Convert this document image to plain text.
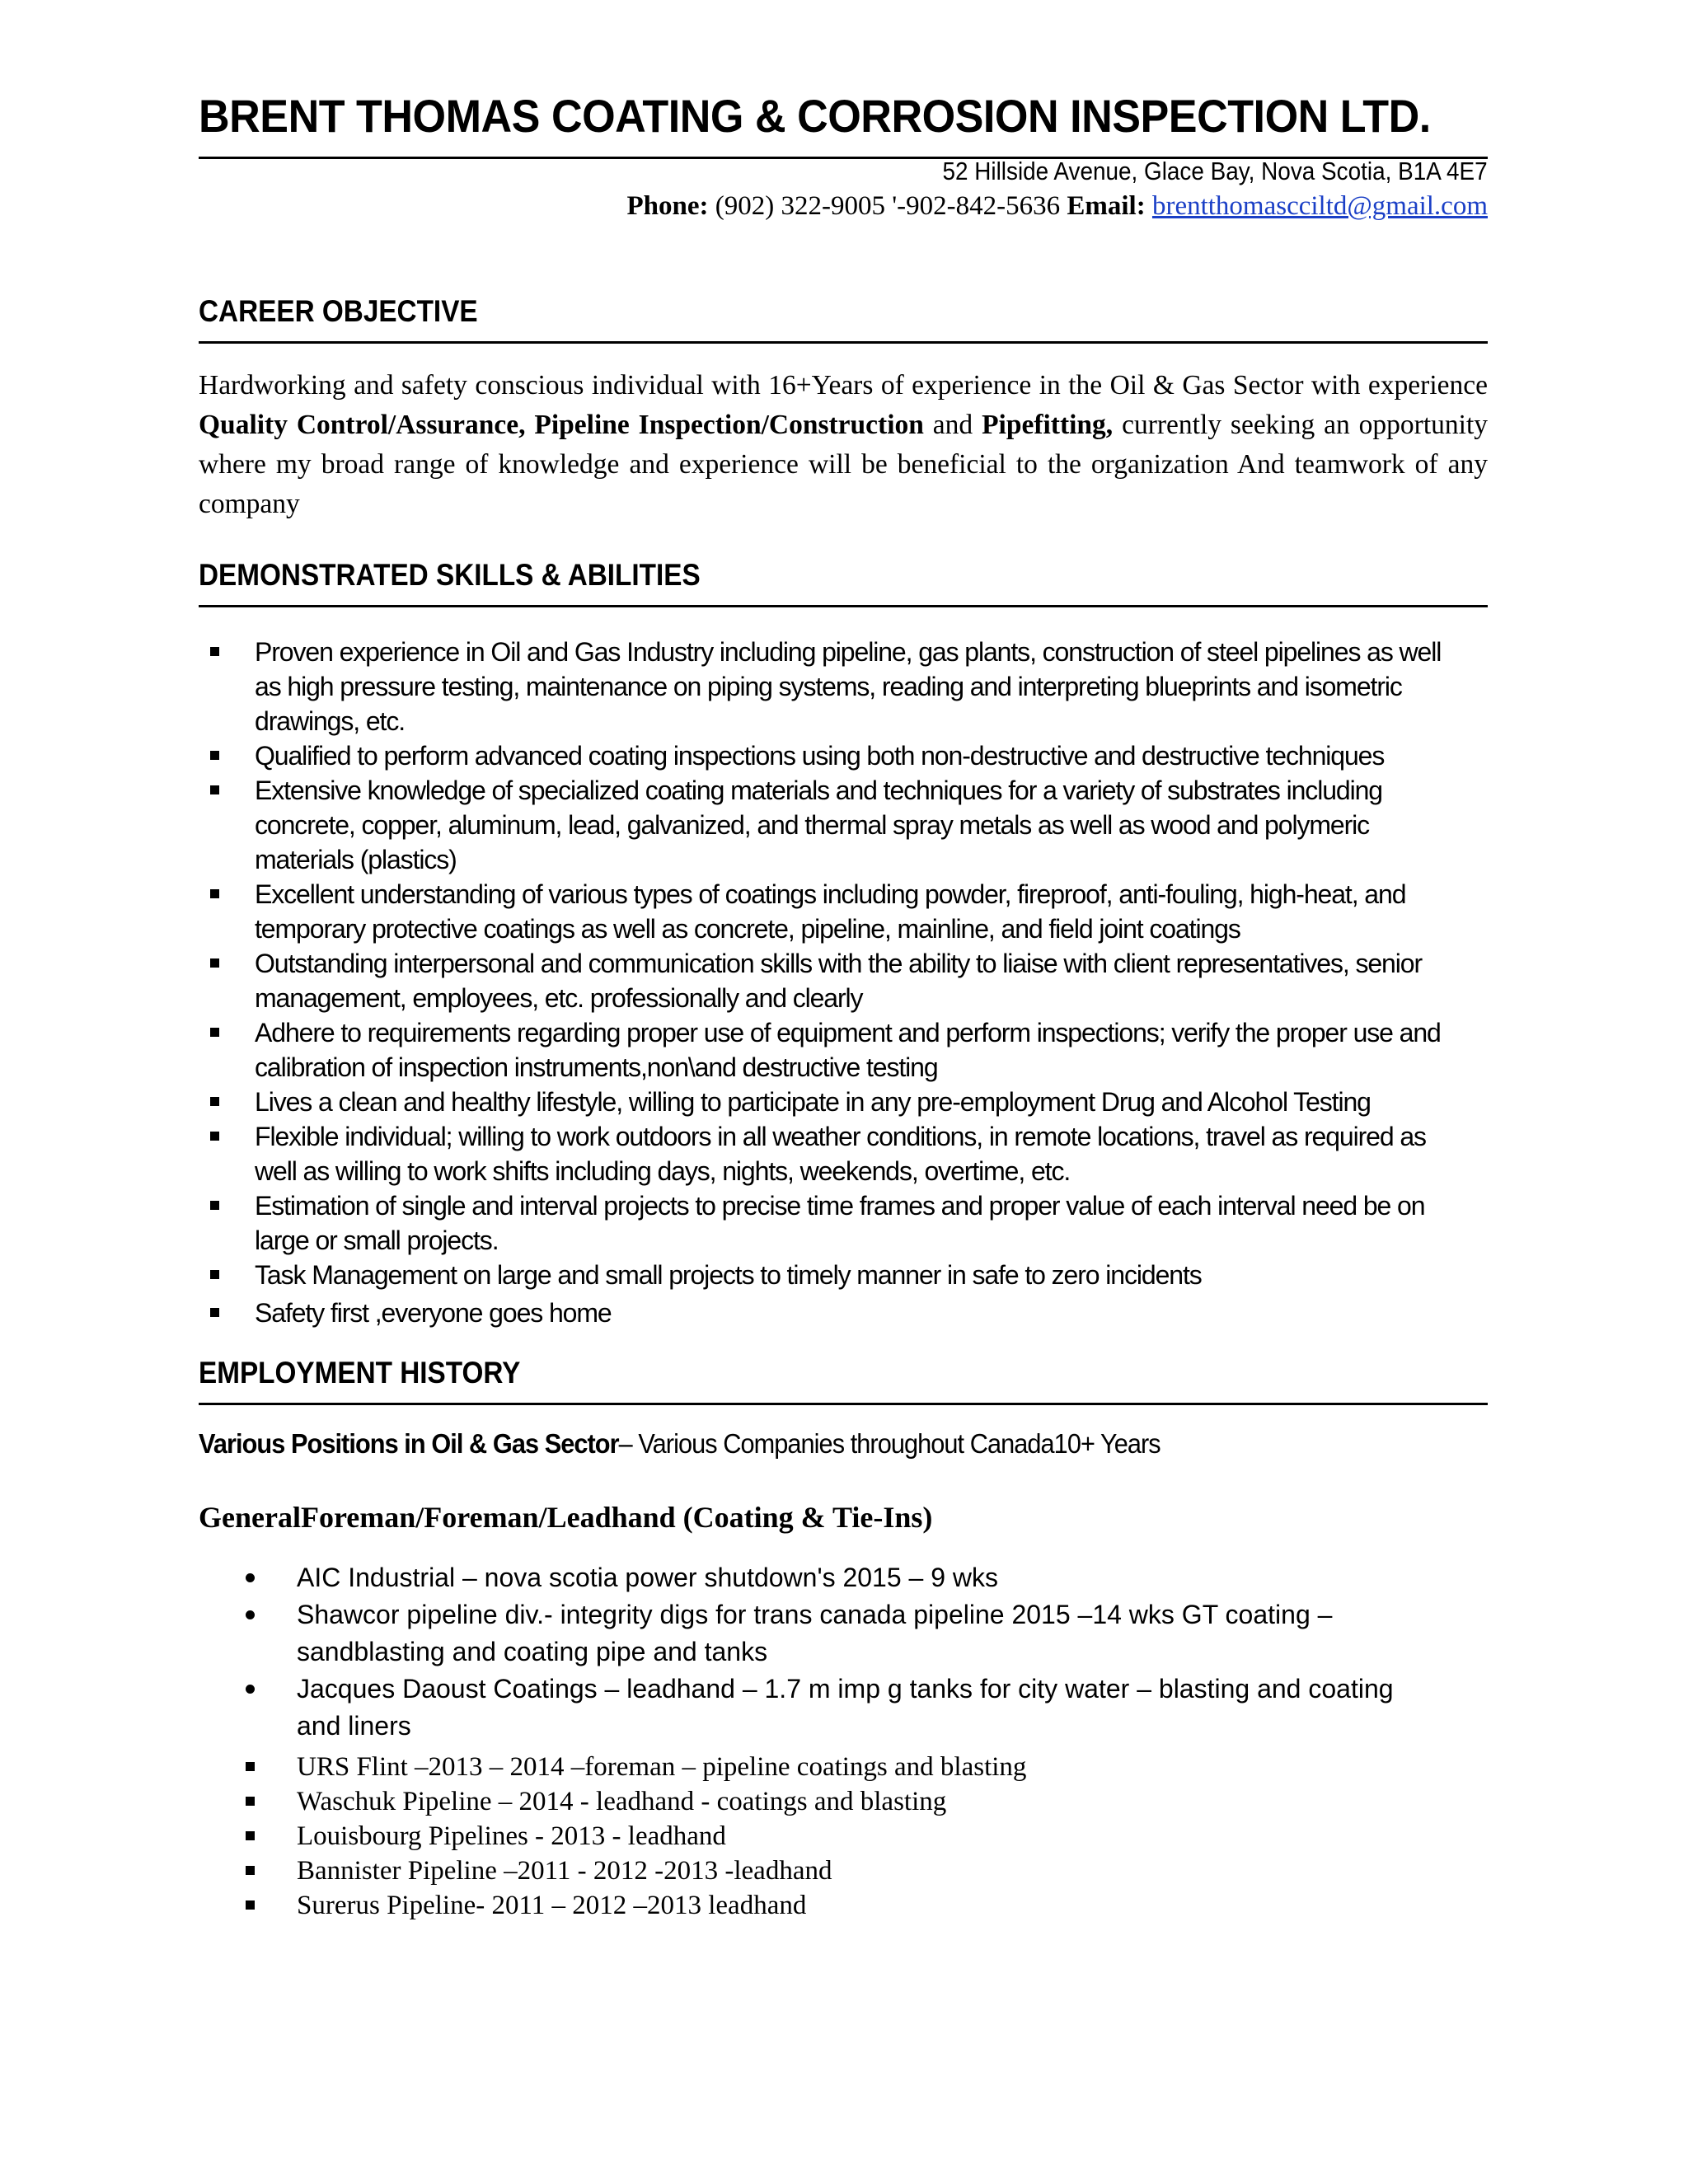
BRENT THOMAS COATING & CORROSION INSPECTION LTD.
52 Hillside Avenue, Glace Bay, Nova Scotia, B1A 4E7
Phone: (902) 322-9005 '-902-842-5636 Email: brentthomascciltd@gmail.com
CAREER OBJECTIVE
Hardworking and safety conscious individual with 16+Years of experience in the Oil & Gas Sector with experience Quality Control/Assurance, Pipeline Inspection/Construction and Pipefitting, currently seeking an opportunity where my broad range of knowledge and experience will be beneficial to the organization And teamwork of any company
DEMONSTRATED SKILLS & ABILITIES
Proven experience in Oil and Gas Industry including pipeline, gas plants, construction of steel pipelines as well
as high pressure testing, maintenance on piping systems, reading and interpreting blueprints and isometric
drawings, etc.
Qualified to perform advanced coating inspections using both non-destructive and destructive techniques
Extensive knowledge of specialized coating materials and techniques for a variety of substrates including
concrete, copper, aluminum, lead, galvanized, and thermal spray metals as well as wood and polymeric
materials (plastics)
Excellent understanding of various types of coatings including powder, fireproof, anti-fouling, high-heat, and
temporary protective coatings as well as concrete, pipeline, mainline, and field joint coatings
Outstanding interpersonal and communication skills with the ability to liaise with client representatives, senior
management, employees, etc. professionally and clearly
Adhere to requirements regarding proper use of equipment and perform inspections; verify the proper use and
calibration of inspection instruments,non\and destructive testing
Lives a clean and healthy lifestyle, willing to participate in any pre-employment Drug and Alcohol Testing
Flexible individual; willing to work outdoors in all weather conditions, in remote locations, travel as required as
well as willing to work shifts including days, nights, weekends, overtime, etc.
Estimation of single and interval projects to precise time frames and proper value of each interval need be on
large or small projects.
Task Management on large and small projects to timely manner in safe to zero incidents
Safety first ,everyone goes home
EMPLOYMENT HISTORY
Various Positions in Oil & Gas Sector– Various Companies throughout Canada10+ Years
GeneralForeman/Foreman/Leadhand (Coating & Tie-Ins)
AIC Industrial – nova scotia power shutdown's 2015 – 9 wks
Shawcor pipeline div.- integrity digs for trans canada pipeline 2015 –14 wks GT coating –
sandblasting and coating pipe and tanks
Jacques Daoust Coatings – leadhand – 1.7 m imp g tanks for city water – blasting and coating
and liners
URS Flint –2013 – 2014 –foreman – pipeline coatings and blasting
Waschuk Pipeline – 2014 - leadhand - coatings and blasting
Louisbourg Pipelines - 2013 - leadhand
Bannister Pipeline –2011 - 2012 -2013 -leadhand
Surerus Pipeline- 2011 – 2012 –2013 leadhand
